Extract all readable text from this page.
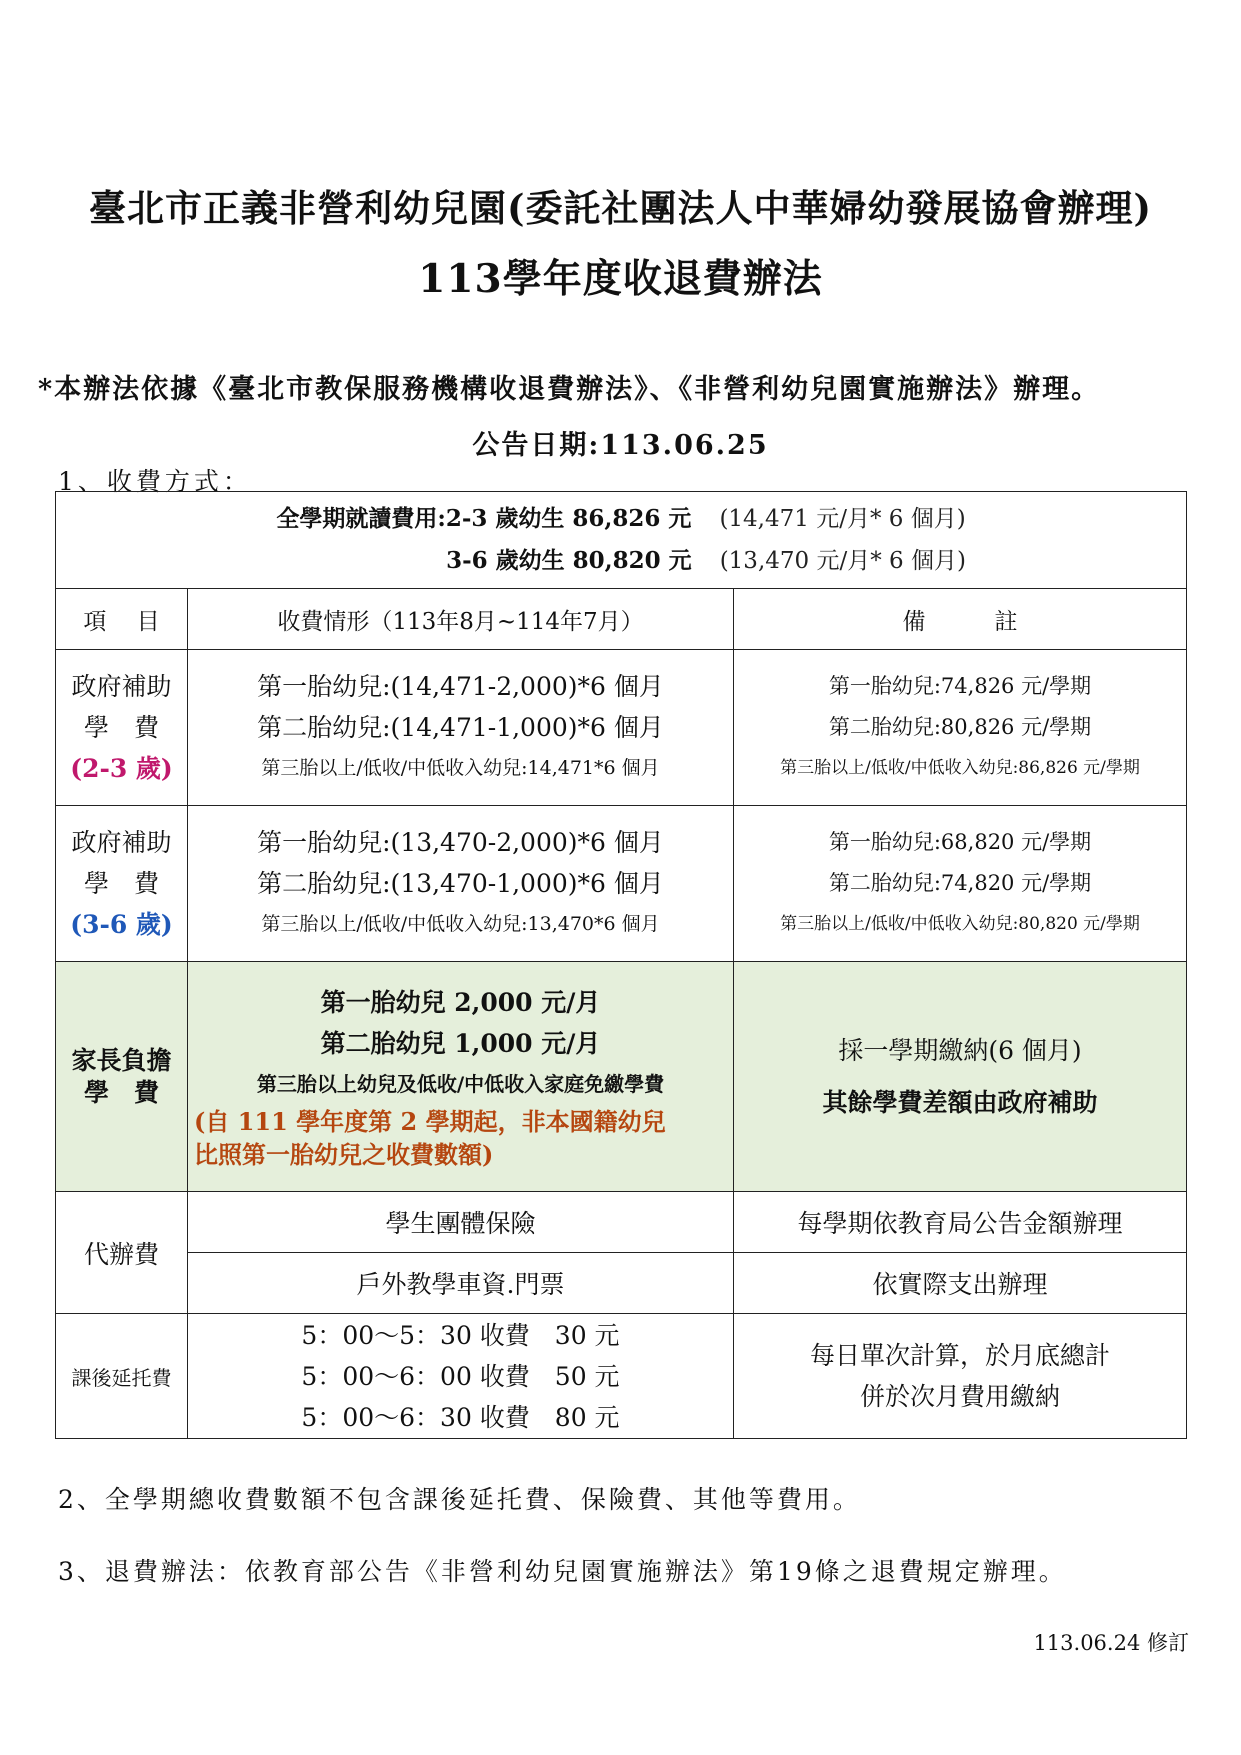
臺北市正義非營利幼兒園(委託社團法人中華婦幼發展協會辦理)
113學年度收退費辦法
*本辦法依據《臺北市教保服務機構收退費辦法》、《非營利幼兒園實施辦法》辦理。
公告日期:113.06.25
1、收費方式：
全學期就讀費用:2-3 歲幼生 86,826 元 (14,471 元/月* 6 個月)
3-6 歲幼生 80,820 元 (13,470 元/月* 6 個月)		

項　 目	收費情形（113年8月~114年7月）	備　　　註

政府補助
學　費
(2-3 歲)	第一胎幼兒:(14,471-2,000)*6 個月
第二胎幼兒:(14,471-1,000)*6 個月
第三胎以上/低收/中低收入幼兒:14,471*6 個月	第一胎幼兒:74,826 元/學期
第二胎幼兒:80,826 元/學期
第三胎以上/低收/中低收入幼兒:86,826 元/學期

政府補助
學　費
(3-6 歲)	第一胎幼兒:(13,470-2,000)*6 個月
第二胎幼兒:(13,470-1,000)*6 個月
第三胎以上/低收/中低收入幼兒:13,470*6 個月	第一胎幼兒:68,820 元/學期
第二胎幼兒:74,820 元/學期
第三胎以上/低收/中低收入幼兒:80,820 元/學期

家長負擔
學　費	第一胎幼兒 2,000 元/月
第二胎幼兒 1,000 元/月
第三胎以上幼兒及低收/中低收入家庭免繳學費
(自 111 學年度第 2 學期起，非本國籍幼兒
比照第一胎幼兒之收費數額)	採一學期繳納(6 個月)
其餘學費差額由政府補助

代辦費	學生團體保險	每學期依教育局公告金額辦理
	戶外教學車資.門票	依實際支出辦理
課後延托費	5：00～5：30 收費　30 元
5：00～6：00 收費　50 元
5：00～6：30 收費　80 元	每日單次計算，於月底總計
併於次月費用繳納
2、全學期總收費數額不包含課後延托費、保險費、其他等費用。
3、退費辦法：依教育部公告《非營利幼兒園實施辦法》第19條之退費規定辦理。
113.06.24 修訂
